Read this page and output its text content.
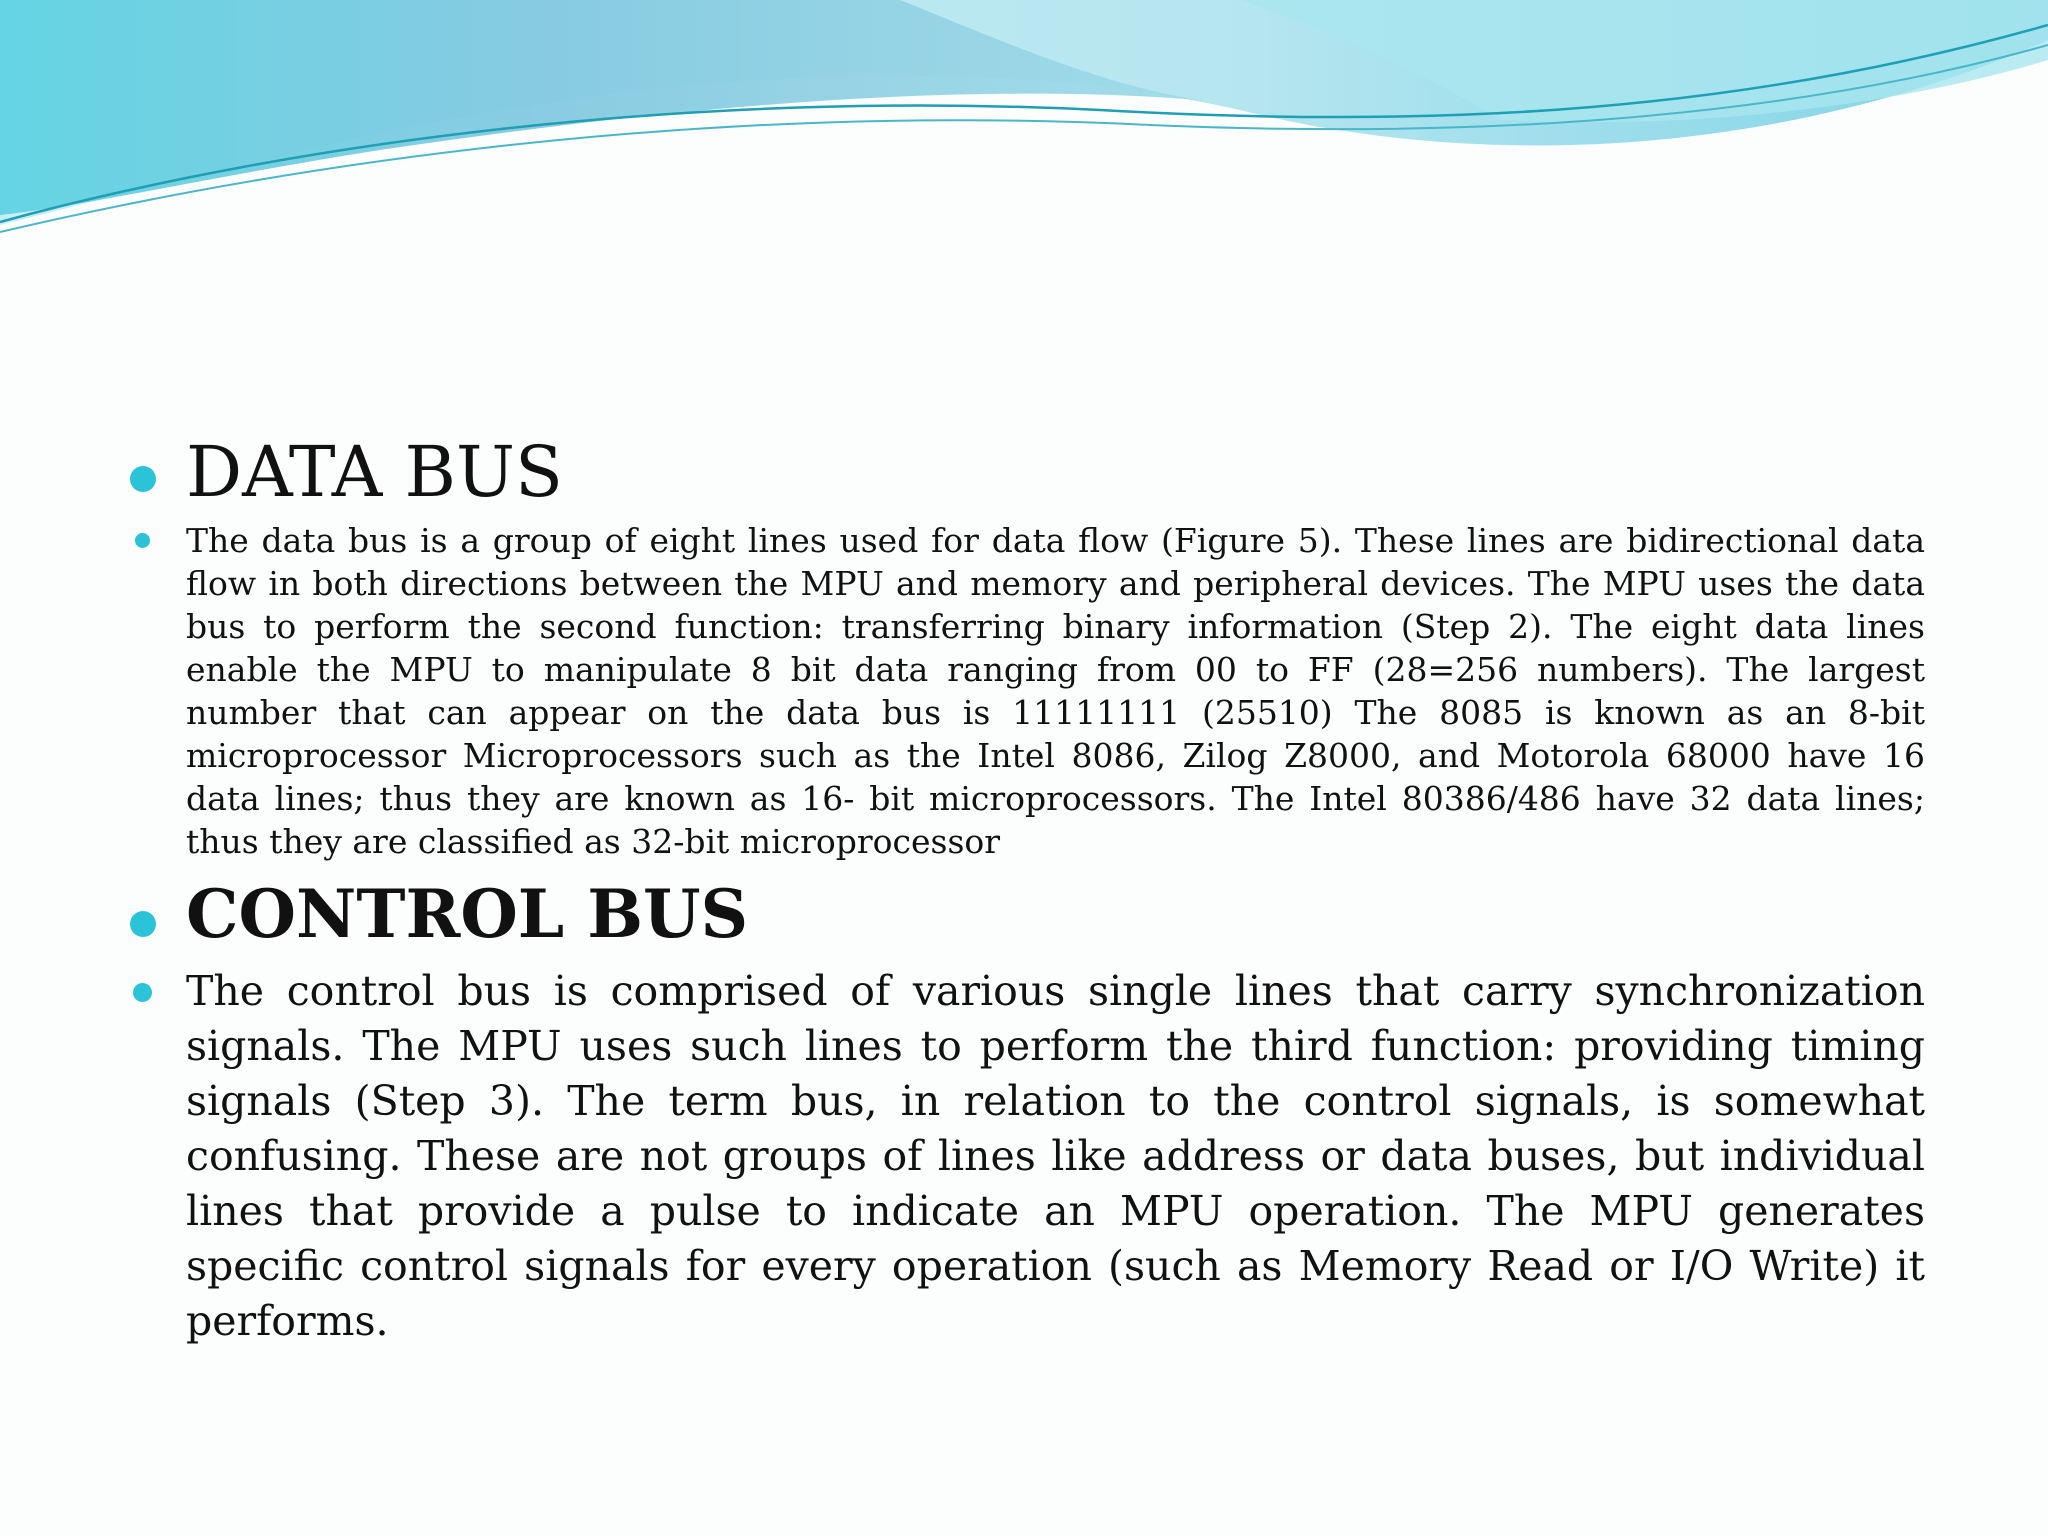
DATA BUS

The data bus is a group of eight lines used for data flow (Figure 5). These lines are bidirectional data flow in both directions between the MPU and memory and peripheral devices. The MPU uses the data bus to perform the second function: transferring binary information (Step 2). The eight data lines enable the MPU to manipulate 8 bit data ranging from 00 to FF (28=256 numbers). The largest number that can appear on the data bus is 11111111 (25510) The 8085 is known as an 8-bit microprocessor Microprocessors such as the Intel 8086, Zilog Z8000, and Motorola 68000 have 16 data lines; thus they are known as 16- bit microprocessors. The Intel 80386/486 have 32 data lines; thus they are classified as 32-bit microprocessor

CONTROL BUS

The control bus is comprised of various single lines that carry synchronization signals. The MPU uses such lines to perform the third function: providing timing signals (Step 3). The term bus, in relation to the control signals, is somewhat confusing. These are not groups of lines like address or data buses, but individual lines that provide a pulse to indicate an MPU operation. The MPU generates specific control signals for every operation (such as Memory Read or I/O Write) it performs.
